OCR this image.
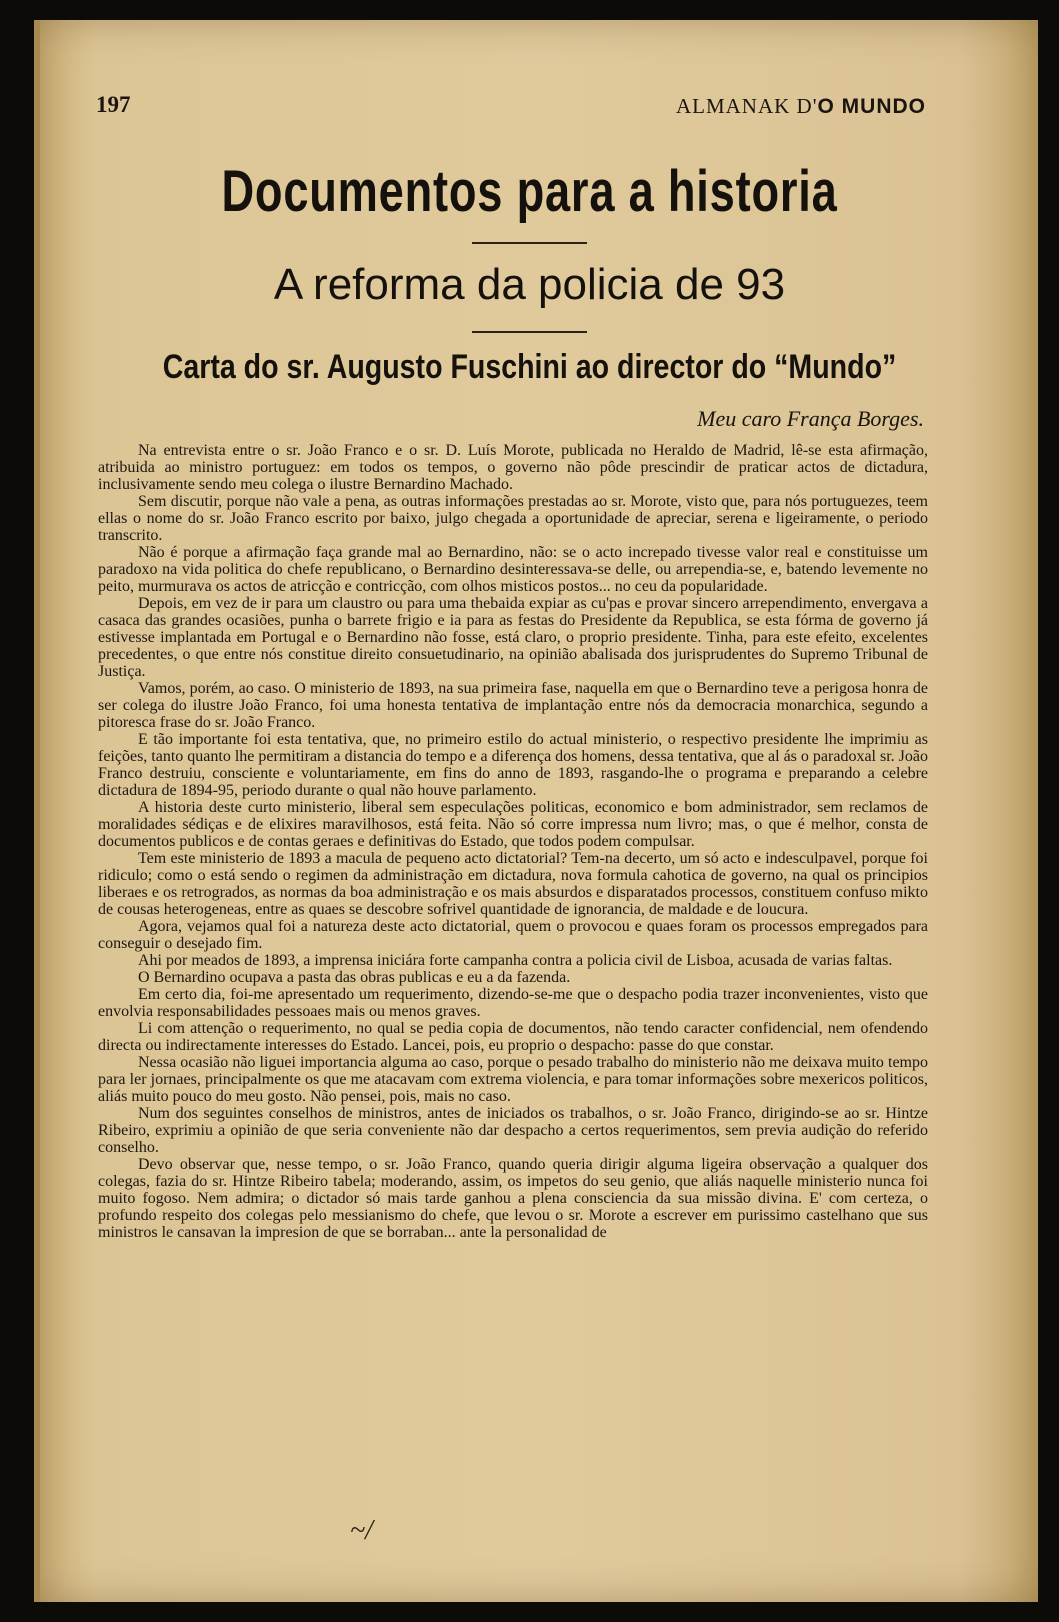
197	ALMANAK D'O MUNDO
Documentos para a historia
A reforma da policia de 93
Carta do sr. Augusto Fuschini ao director do “Mundo”
Meu caro França Borges.

Na entrevista entre o sr. João Franco e o sr. D. Luís Morote, publicada no Heraldo de Madrid, lê-se esta afirmação, atribuida ao ministro portuguez: em todos os tempos, o governo não pôde prescindir de praticar actos de dictadura, inclusivamente sendo meu colega o ilustre Bernardino Machado.

Sem discutir, porque não vale a pena, as outras informações prestadas ao sr. Morote, visto que, para nós portuguezes, teem ellas o nome do sr. João Franco escrito por baixo, julgo chegada a oportunidade de apreciar, serena e ligeiramente, o periodo transcrito.

Não é porque a afirmação faça grande mal ao Bernardino, não: se o acto increpado tivesse valor real e constituisse um paradoxo na vida politica do chefe republicano, o Bernardino desinteressava-se delle, ou arrependia-se, e, batendo levemente no peito, murmurava os actos de atricção e contricção, com olhos misticos postos... no ceu da popularidade.

Depois, em vez de ir para um claustro ou para uma thebaida expiar as cu'pas e provar sincero arrependimento, envergava a casaca das grandes ocasiões, punha o barrete frigio e ia para as festas do Presidente da Republica, se esta fórma de governo já estivesse implantada em Portugal e o Bernardino não fosse, está claro, o proprio presidente. Tinha, para este efeito, excelentes precedentes, o que entre nós constitue direito consuetudinario, na opinião abalisada dos jurisprudentes do Supremo Tribunal de Justiça.

Vamos, porém, ao caso. O ministerio de 1893, na sua primeira fase, naquella em que o Bernardino teve a perigosa honra de ser colega do ilustre João Franco, foi uma honesta tentativa de implantação entre nós da democracia monarchica, segundo a pitoresca frase do sr. João Franco.

E tão importante foi esta tentativa, que, no primeiro estilo do actual ministerio, o respectivo presidente lhe imprimiu as feições, tanto quanto lhe permitiram a distancia do tempo e a diferença dos homens, dessa tentativa, que al ás o paradoxal sr. João Franco destruiu, consciente e voluntariamente, em fins do anno de 1893, rasgando-lhe o programa e preparando a celebre dictadura de 1894-95, periodo durante o qual não houve parlamento.

A historia deste curto ministerio, liberal sem especulações politicas, economico e bom administrador, sem reclamos de moralidades sédiças e de elixires maravilhosos, está feita. Não só corre impressa num livro; mas, o que é melhor, consta de documentos publicos e de contas geraes e definitivas do Estado, que todos podem compulsar.

Tem este ministerio de 1893 a macula de pequeno acto dictatorial? Tem-na decerto, um só acto e indesculpavel, porque foi ridiculo; como o está sendo o regimen da administração em dictadura, nova formula cahotica de governo, na qual os principios liberaes e os retrogrados, as normas da boa administração e os mais absurdos e disparatados processos, constituem confuso mikto de cousas heterogeneas, entre as quaes se descobre sofrivel quantidade de ignorancia, de maldade e de loucura.

Agora, vejamos qual foi a natureza deste acto dictatorial, quem o provocou e quaes foram os processos empregados para conseguir o desejado fim.

Ahi por meados de 1893, a imprensa iniciára forte campanha contra a policia civil de Lisboa, acusada de varias faltas.

O Bernardino ocupava a pasta das obras publicas e eu a da fazenda.

Em certo dia, foi-me apresentado um requerimento, dizendo-se-me que o despacho podia trazer inconvenientes, visto que envolvia responsabilidades pessoaes mais ou menos graves.

Li com attenção o requerimento, no qual se pedia copia de documentos, não tendo caracter confidencial, nem ofendendo directa ou indirectamente interesses do Estado. Lancei, pois, eu proprio o despacho: passe do que constar.

Nessa ocasião não liguei importancia alguma ao caso, porque o pesado trabalho do ministerio não me deixava muito tempo para ler jornaes, principalmente os que me atacavam com extrema violencia, e para tomar informações sobre mexericos politicos, aliás muito pouco do meu gosto. Não pensei, pois, mais no caso.

Num dos seguintes conselhos de ministros, antes de iniciados os trabalhos, o sr. João Franco, dirigindo-se ao sr. Hintze Ribeiro, exprimiu a opinião de que seria conveniente não dar despacho a certos requerimentos, sem previa audição do referido conselho.

Devo observar que, nesse tempo, o sr. João Franco, quando queria dirigir alguma ligeira observação a qualquer dos colegas, fazia do sr. Hintze Ribeiro tabela; moderando, assim, os impetos do seu genio, que aliás naquelle ministerio nunca foi muito fogoso. Nem admira; o dictador só mais tarde ganhou a plena consciencia da sua missão divina. E' com certeza, o profundo respeito dos colegas pelo messianismo do chefe, que levou o sr. Morote a escrever em purissimo castelhano que sus ministros le cansavan la impresion de que se borraban... ante la personalidad de

~/
